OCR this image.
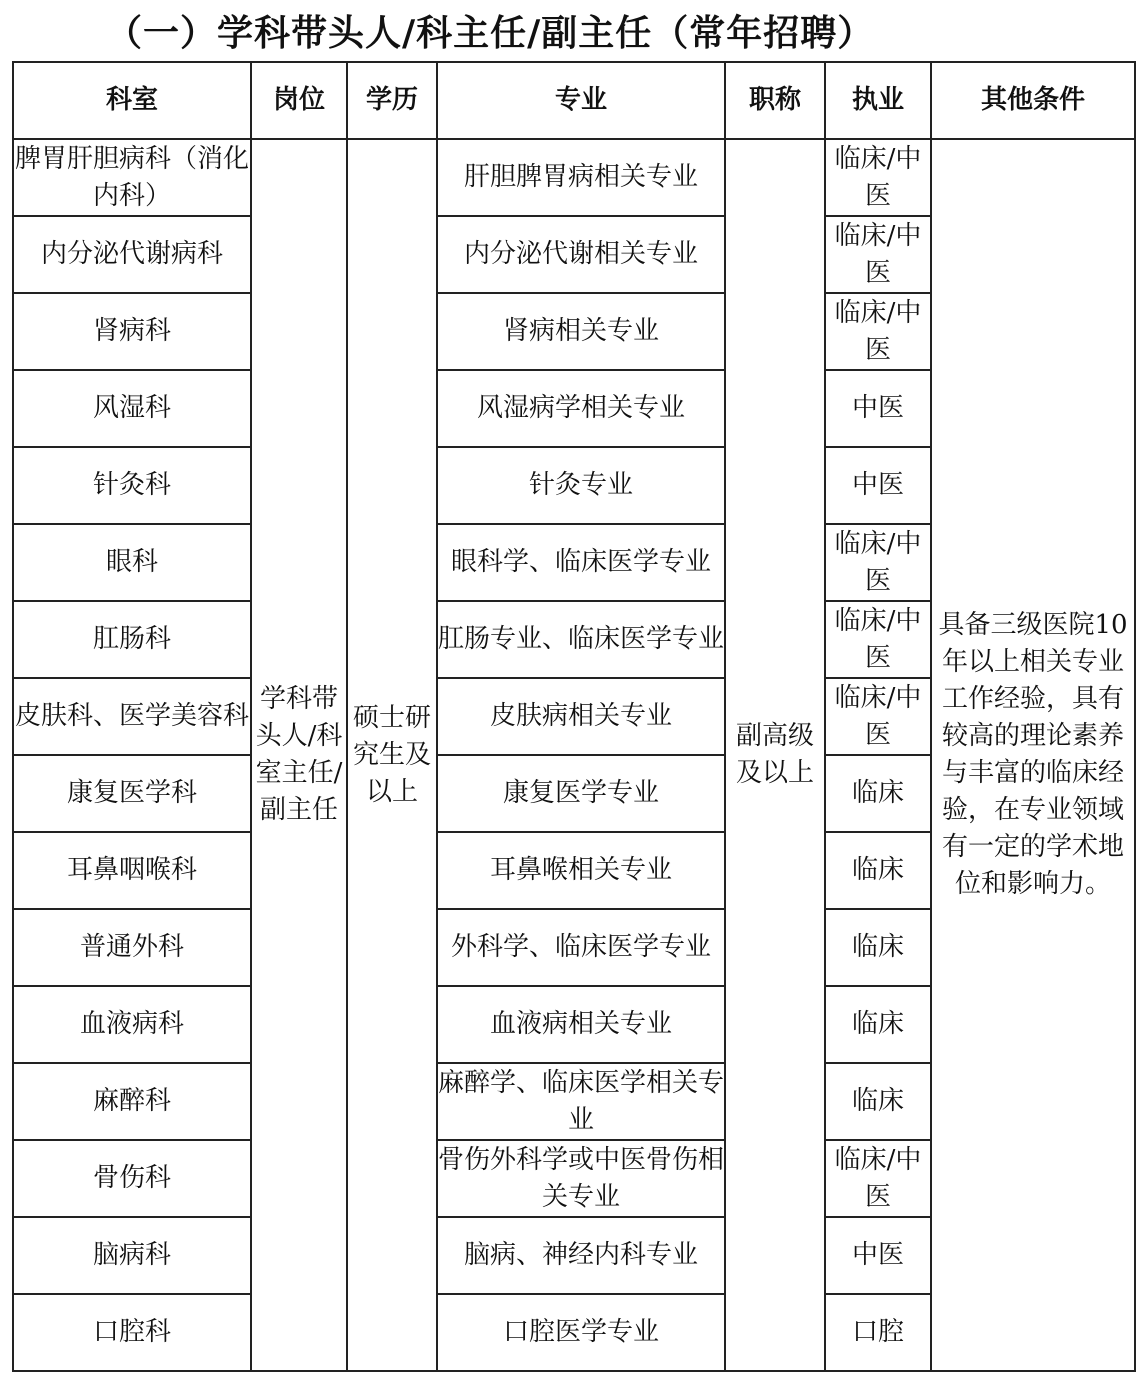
（一）学科带头人/科主任/副主任（常年招聘）
科室	岗位	学历	专业	职称	执业	其他条件
脾胃肝胆病科（消化内科）	学科带头人/科室主任/副主任	硕士研究生及以上	肝胆脾胃病相关专业	副高级及以上	临床/中医	具备三级医院10年以上相关专业工作经验，具有较高的理论素养与丰富的临床经验，在专业领域有一定的学术地位和影响力。
内分泌代谢病科			内分泌代谢相关专业		临床/中医	
肾病科			肾病相关专业		临床/中医	
风湿科			风湿病学相关专业		中医	
针灸科			针灸专业		中医	
眼科			眼科学、临床医学专业		临床/中医	
肛肠科			肛肠专业、临床医学专业		临床/中医	
皮肤科、医学美容科			皮肤病相关专业		临床/中医	
康复医学科			康复医学专业		临床	
耳鼻咽喉科			耳鼻喉相关专业		临床	
普通外科			外科学、临床医学专业		临床	
血液病科			血液病相关专业		临床	
麻醉科			麻醉学、临床医学相关专业		临床	
骨伤科			骨伤外科学或中医骨伤相关专业		临床/中医	
脑病科			脑病、神经内科专业		中医	
口腔科			口腔医学专业		口腔	
